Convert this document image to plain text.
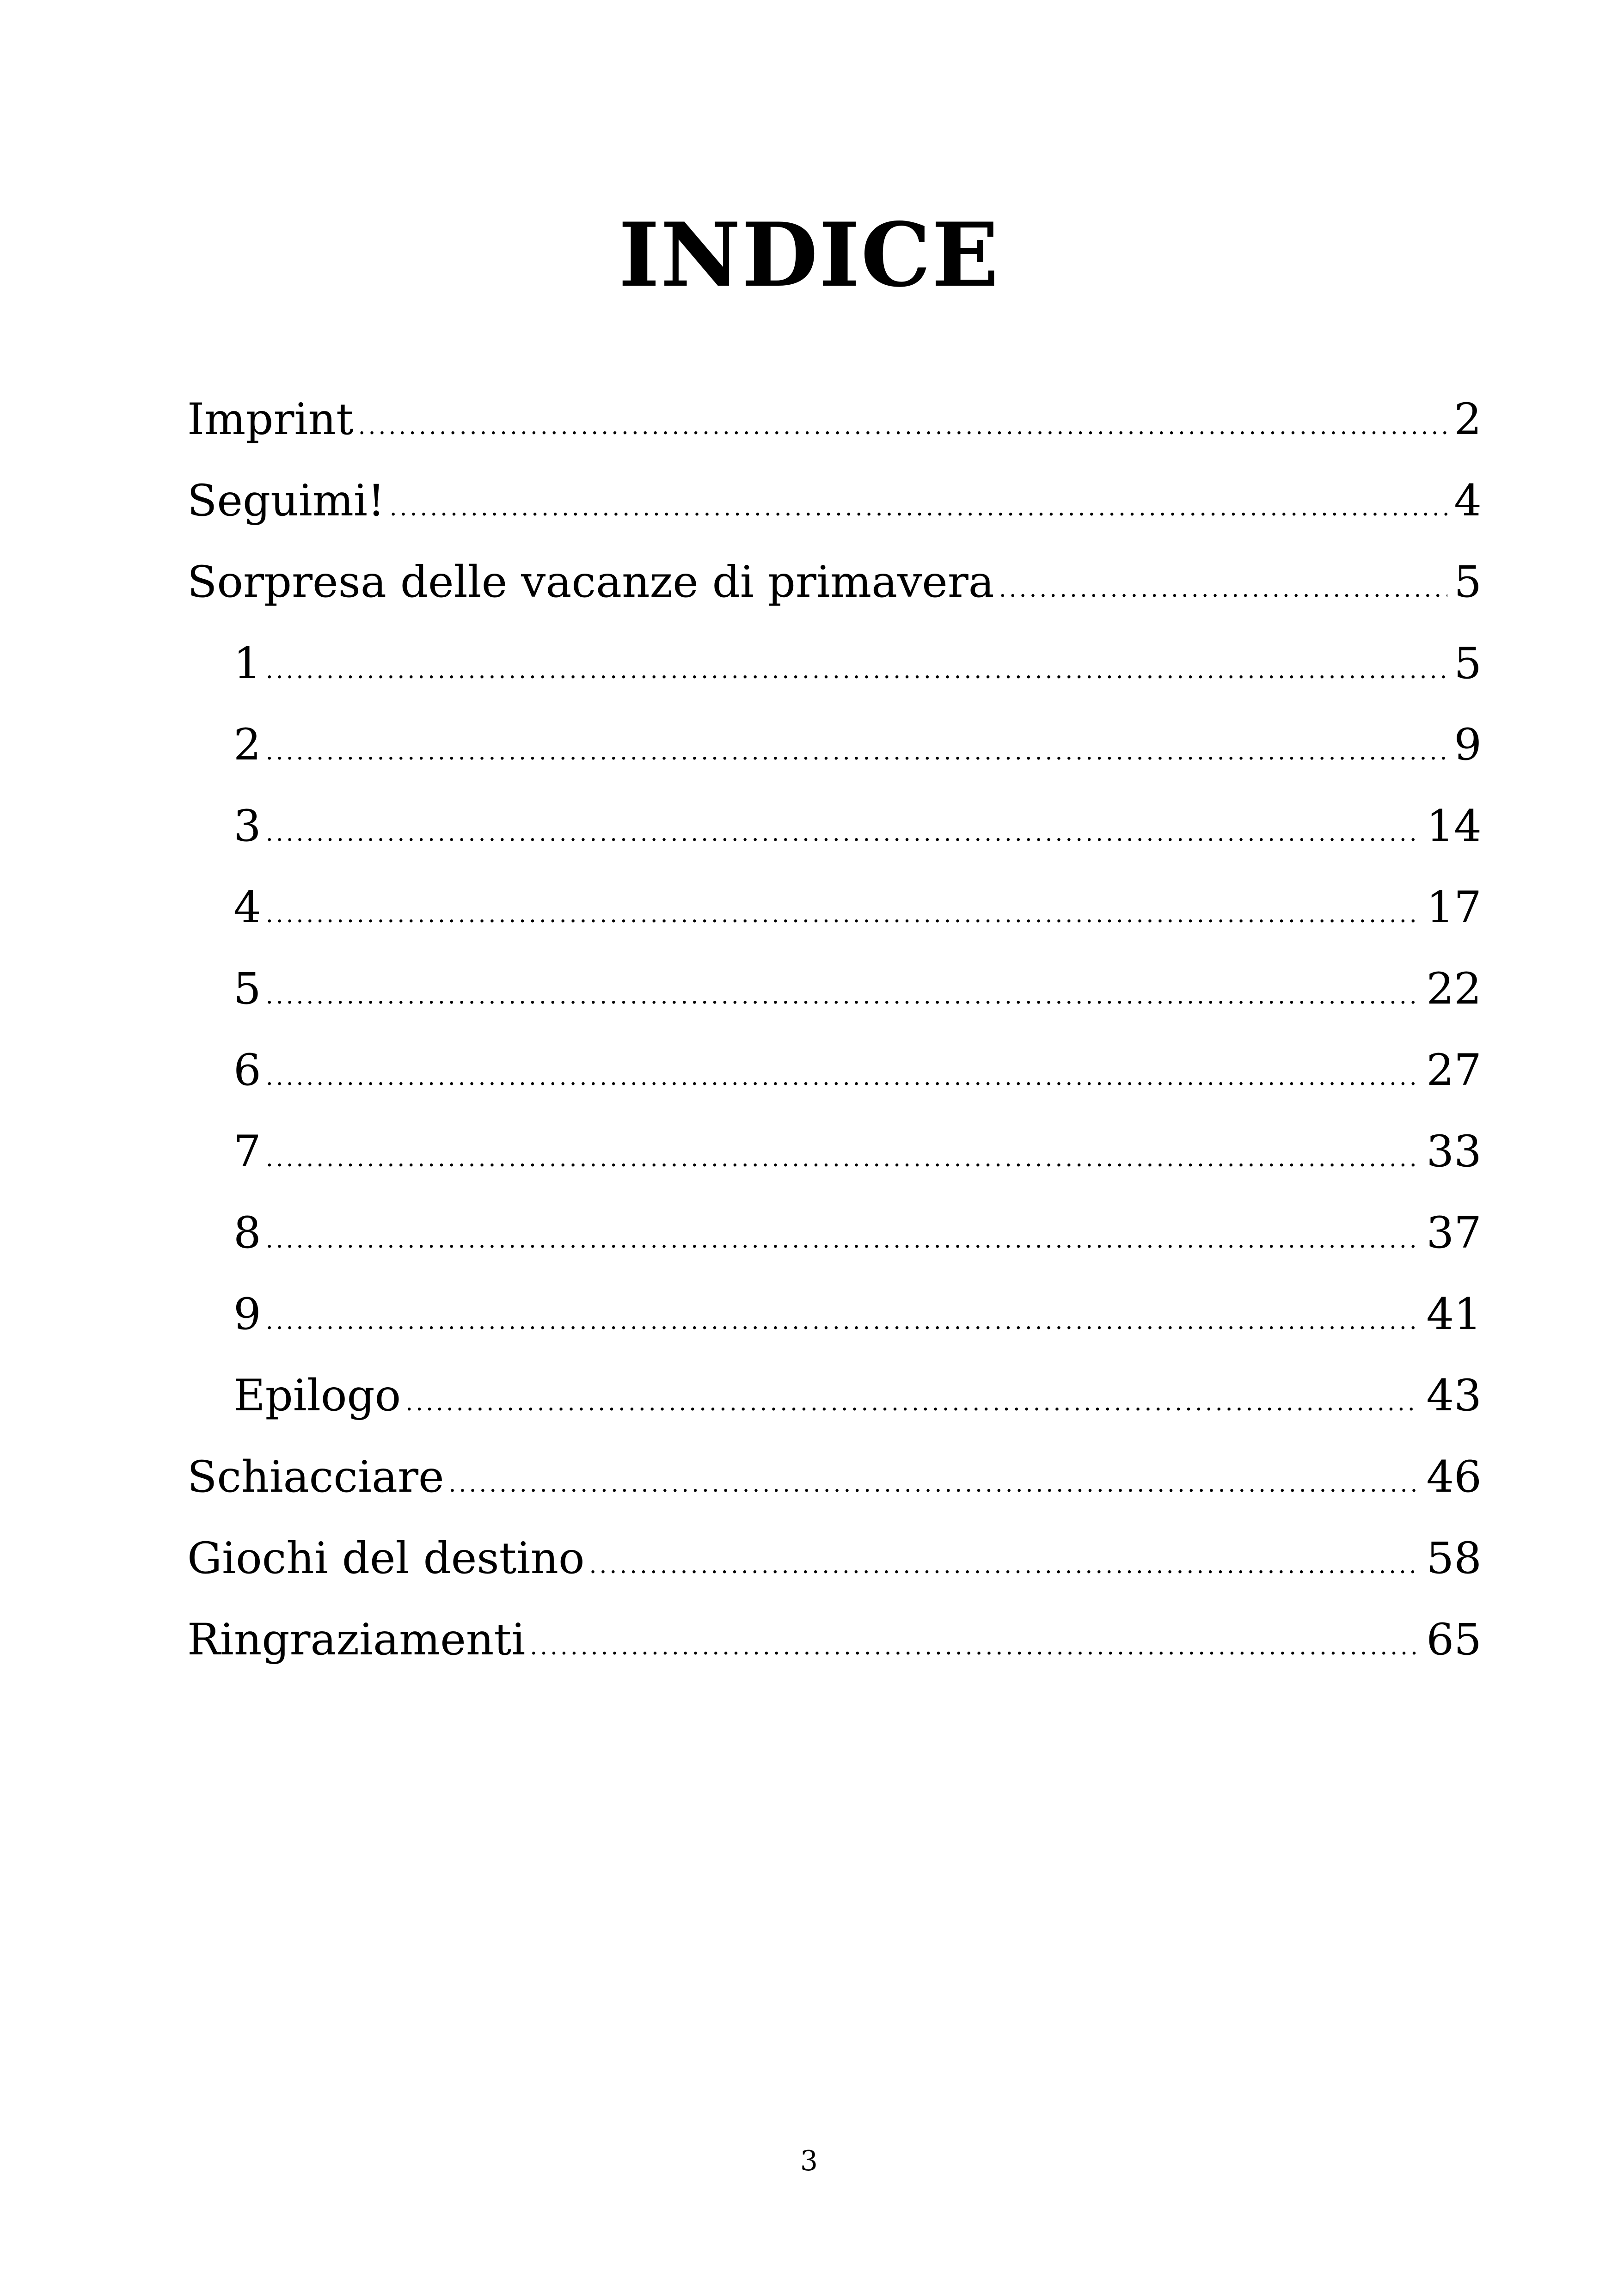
INDICE
Imprint .....	2
Seguimi! .....	4
Sorpresa delle vacanze di primavera .....	5
1 .....	5
2 .....	9
3 .....	14
4 .....	17
5 .....	22
6 .....	27
7 .....	33
8 .....	37
9 .....	41
Epilogo .....	43
Schiacciare .....	46
Giochi del destino .....	58
Ringraziamenti .....	65
3
